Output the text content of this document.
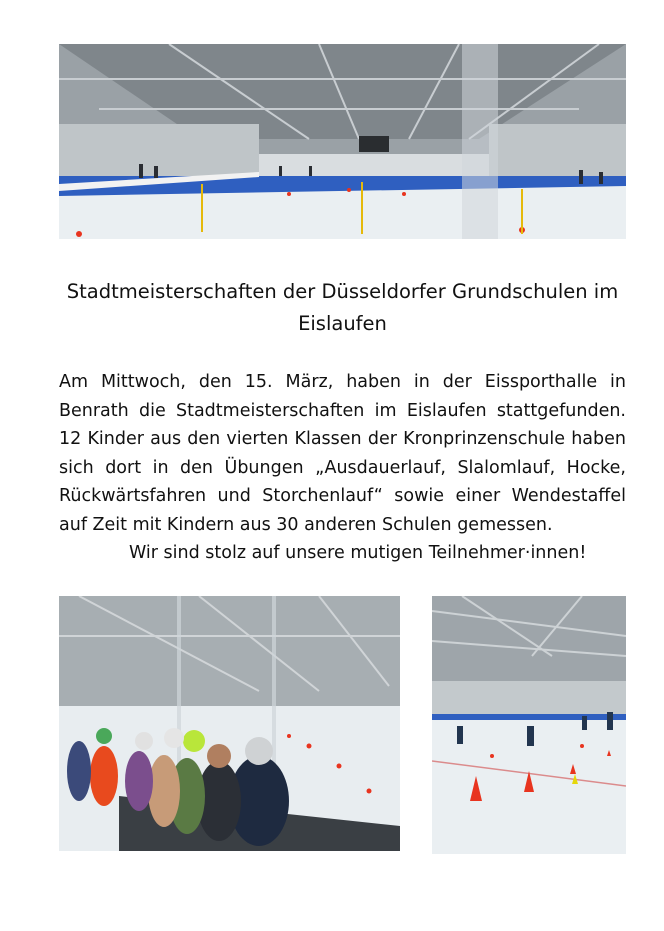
Stadtmeisterschaften der Düsseldorfer Grundschulen im Eislaufen

Am Mittwoch, den 15. März, haben in der Eissporthalle in Benrath die Stadtmeisterschaften im Eislaufen stattgefunden. 12 Kinder aus den vierten Klassen der Kronprinzenschule haben sich dort in den Übungen „Ausdauerlauf, Slalomlauf, Hocke, Rückwärtsfahren und Storchenlauf“ sowie einer Wendestaffel auf Zeit mit Kindern aus 30 anderen Schulen gemessen.

Wir sind stolz auf unsere mutigen Teilnehmer·innen!
